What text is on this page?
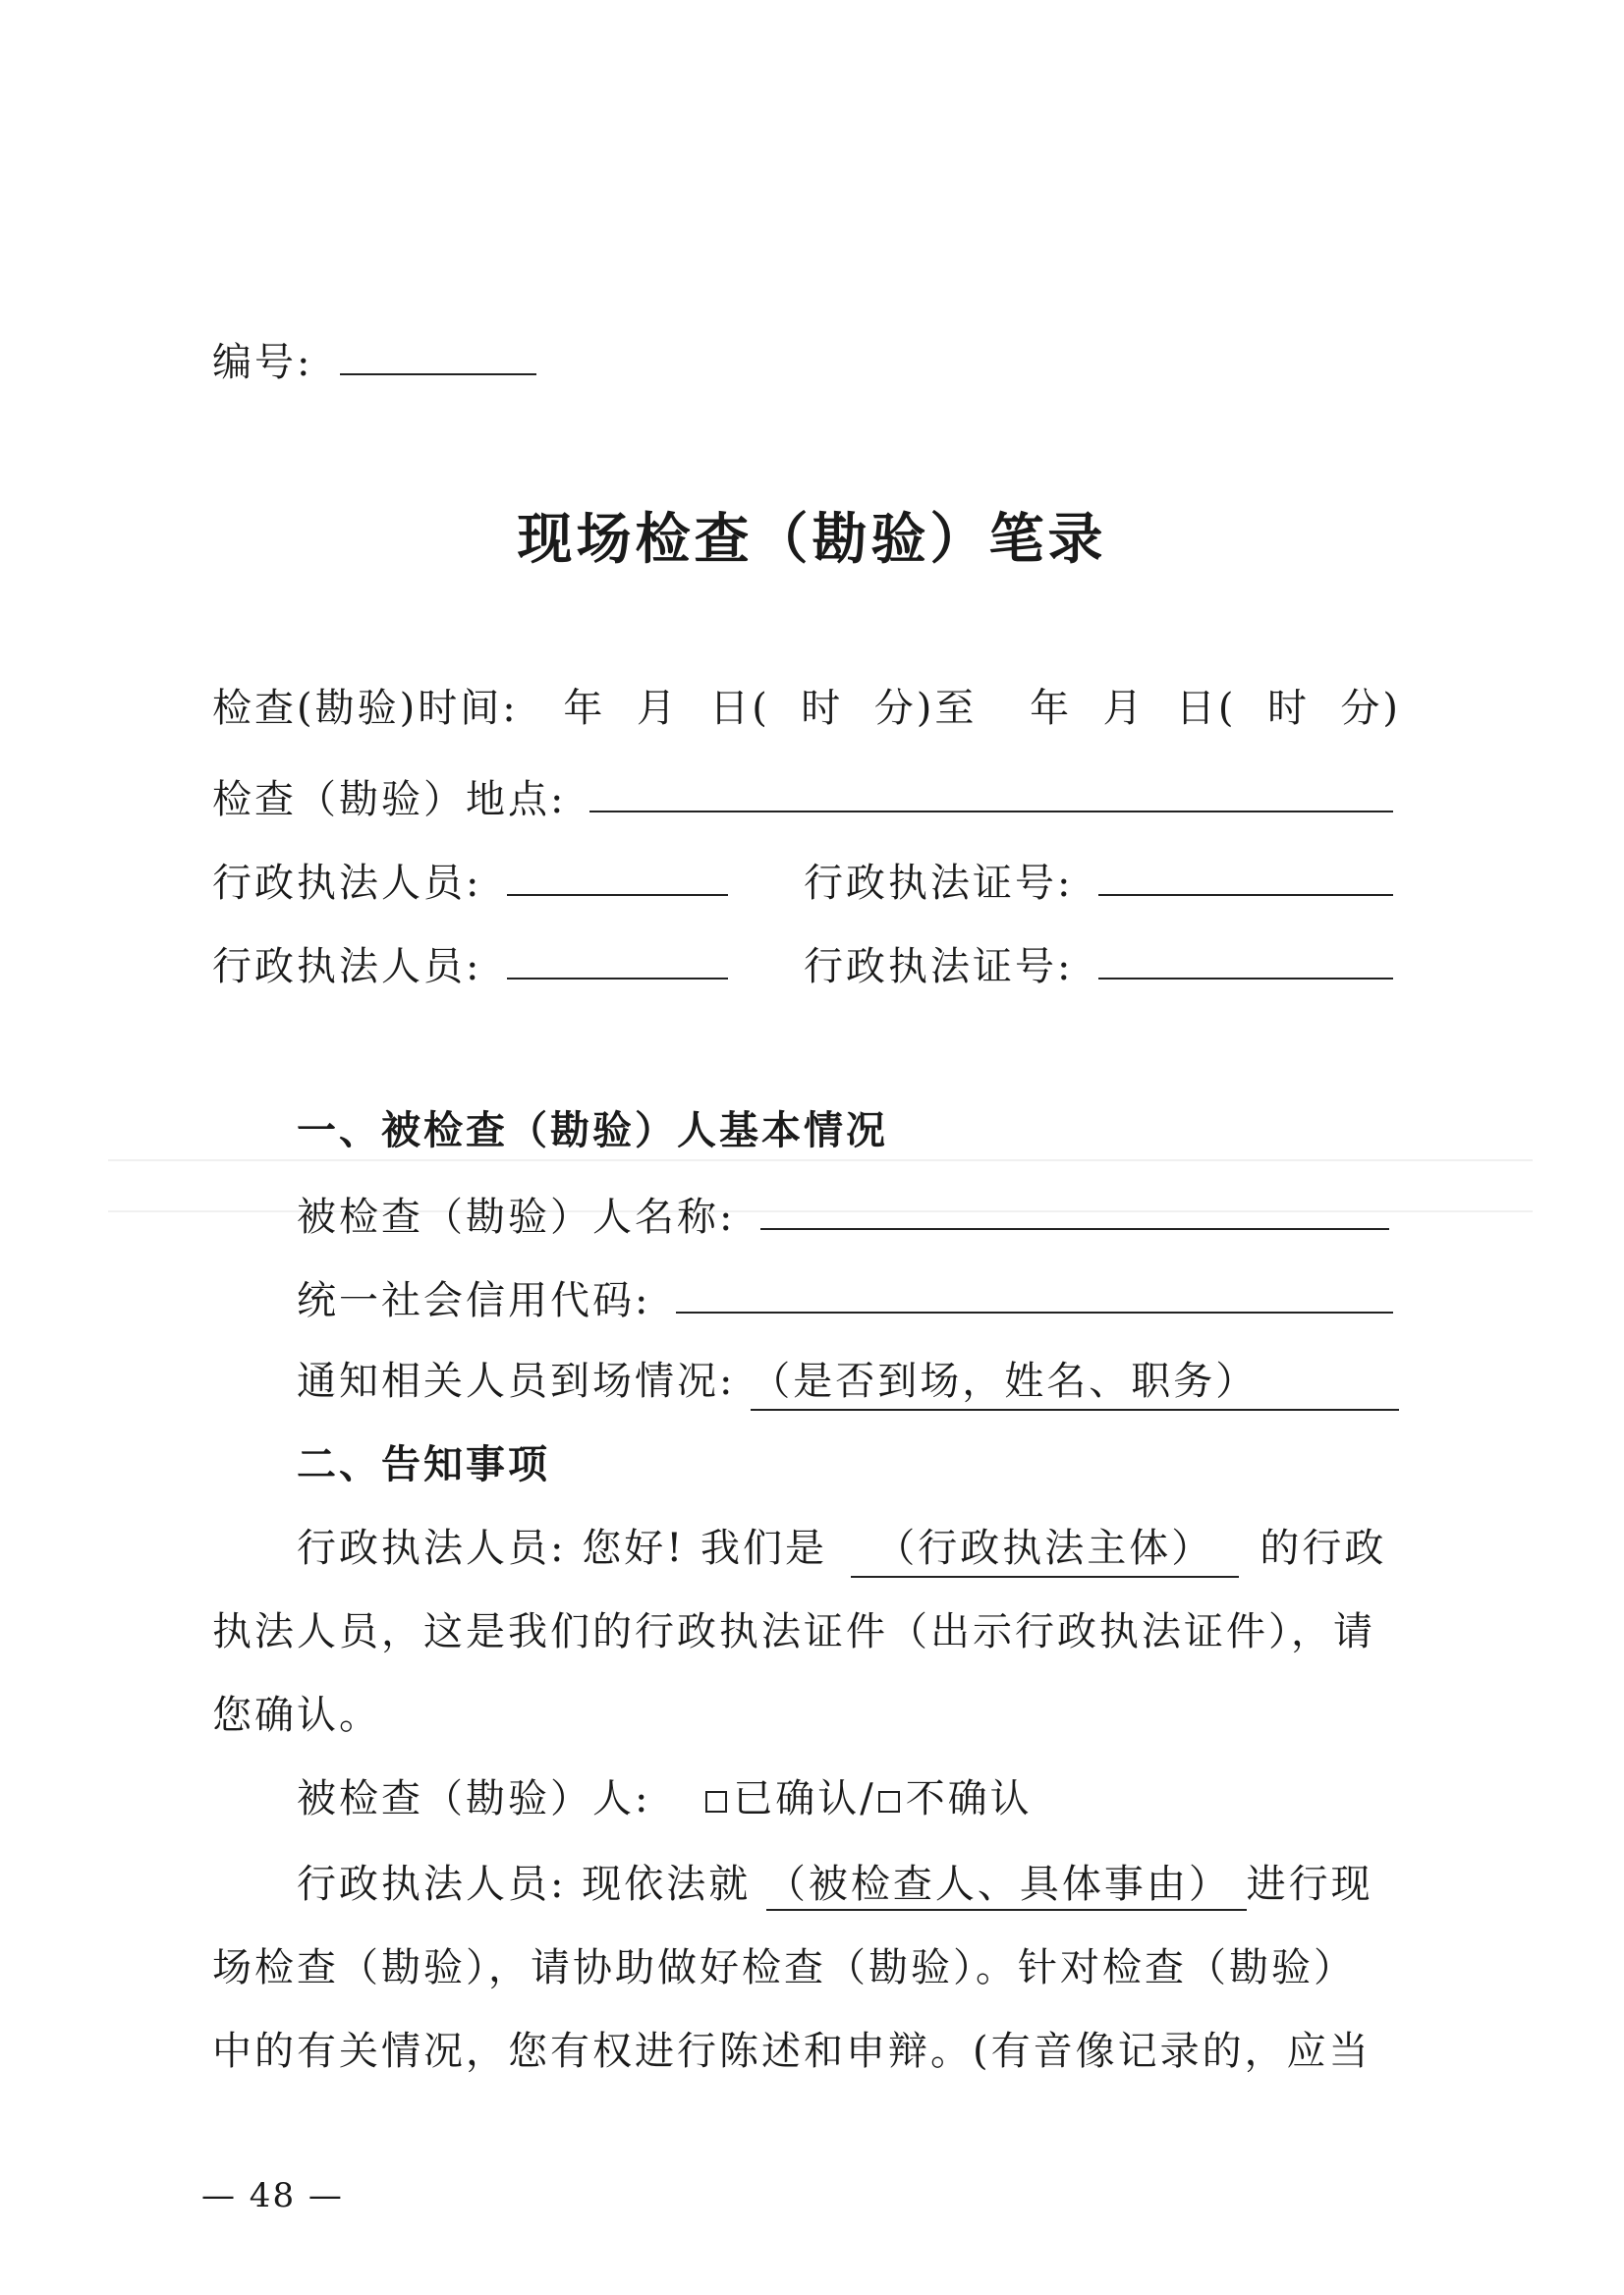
编号:
现场检查（勘验）笔录
检查(勘验)时间: 年  月  日(  时  分)至 年  月  日(  时  分)
检查（勘验）地点:
行政执法人员:	行政执法证号:
行政执法人员:	行政执法证号:
一、被检查（勘验）人基本情况
被检查（勘验）人名称:
统一社会信用代码:
通知相关人员到场情况: （是否到场，姓名、职务）
二、告知事项
行政执法人员: 您好! 我们是 （行政执法主体） 的行政
执法人员，这是我们的行政执法证件（出示行政执法证件），请
您确认。
被检查（勘验）人: 已确认/ 不确认
行政执法人员: 现依法就 （被检查人、具体事由） 进行现
场检查（勘验），请协助做好检查（勘验）。针对检查（勘验）
中的有关情况，您有权进行陈述和申辩。(有音像记录的，应当
— 48 —
